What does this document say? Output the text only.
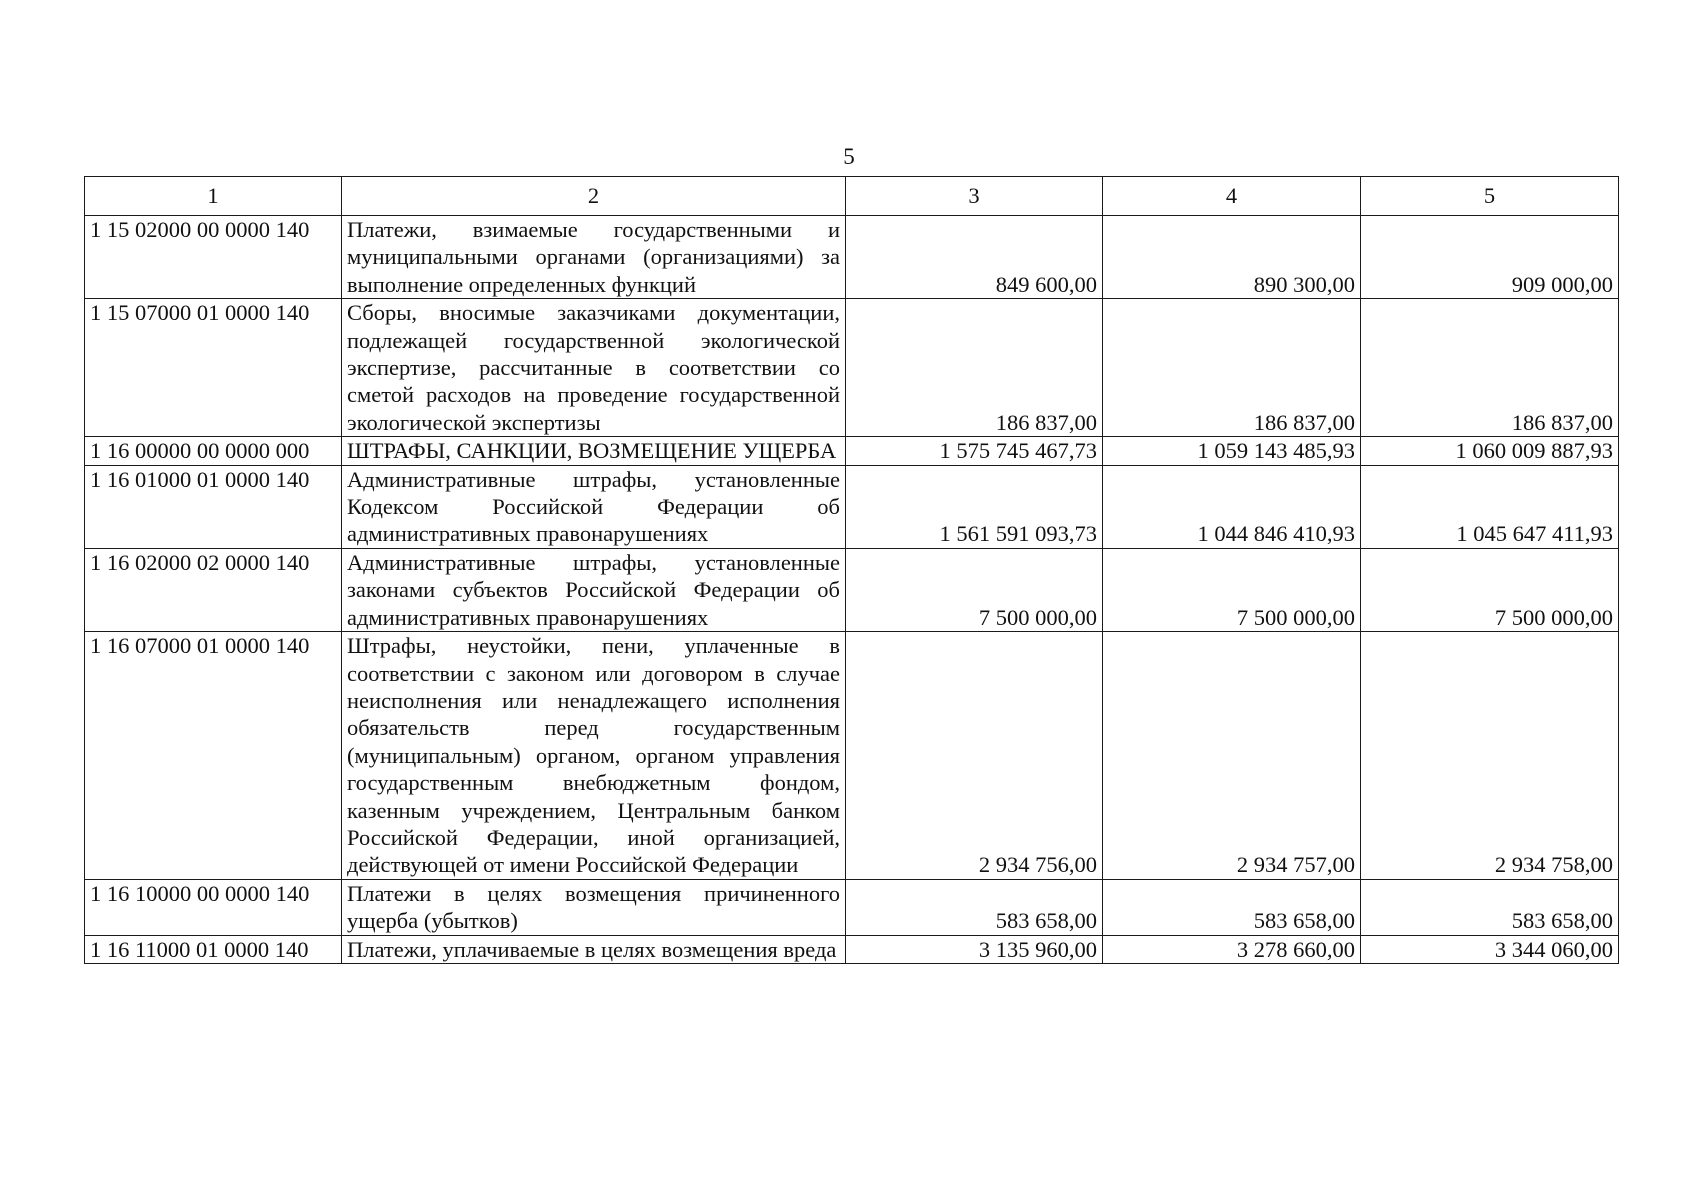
5
1	2	3	4	5
1 15 02000 00 0000 140	Платежи, взимаемые государственными и муниципальными органами (организациями) за выполнение определенных функций	849 600,00	890 300,00	909 000,00
1 15 07000 01 0000 140	Сборы, вносимые заказчиками документации, подлежащей государственной экологической экспертизе, рассчитанные в соответствии со сметой расходов на проведение государственной экологической экспертизы	186 837,00	186 837,00	186 837,00
1 16 00000 00 0000 000	ШТРАФЫ, САНКЦИИ, ВОЗМЕЩЕНИЕ УЩЕРБА	1 575 745 467,73	1 059 143 485,93	1 060 009 887,93
1 16 01000 01 0000 140	Административные штрафы, установленные Кодексом Российской Федерации об административных правонарушениях	1 561 591 093,73	1 044 846 410,93	1 045 647 411,93
1 16 02000 02 0000 140	Административные штрафы, установленные законами субъектов Российской Федерации об административных правонарушениях	7 500 000,00	7 500 000,00	7 500 000,00
1 16 07000 01 0000 140	Штрафы, неустойки, пени, уплаченные в соответствии с законом или договором в случае неисполнения или ненадлежащего исполнения обязательств перед государственным (муниципальным) органом, органом управления государственным внебюджетным фондом, казенным учреждением, Центральным банком Российской Федерации, иной организацией, действующей от имени Российской Федерации	2 934 756,00	2 934 757,00	2 934 758,00
1 16 10000 00 0000 140	Платежи в целях возмещения причиненного ущерба (убытков)	583 658,00	583 658,00	583 658,00
1 16 11000 01 0000 140	Платежи, уплачиваемые в целях возмещения вреда	3 135 960,00	3 278 660,00	3 344 060,00
